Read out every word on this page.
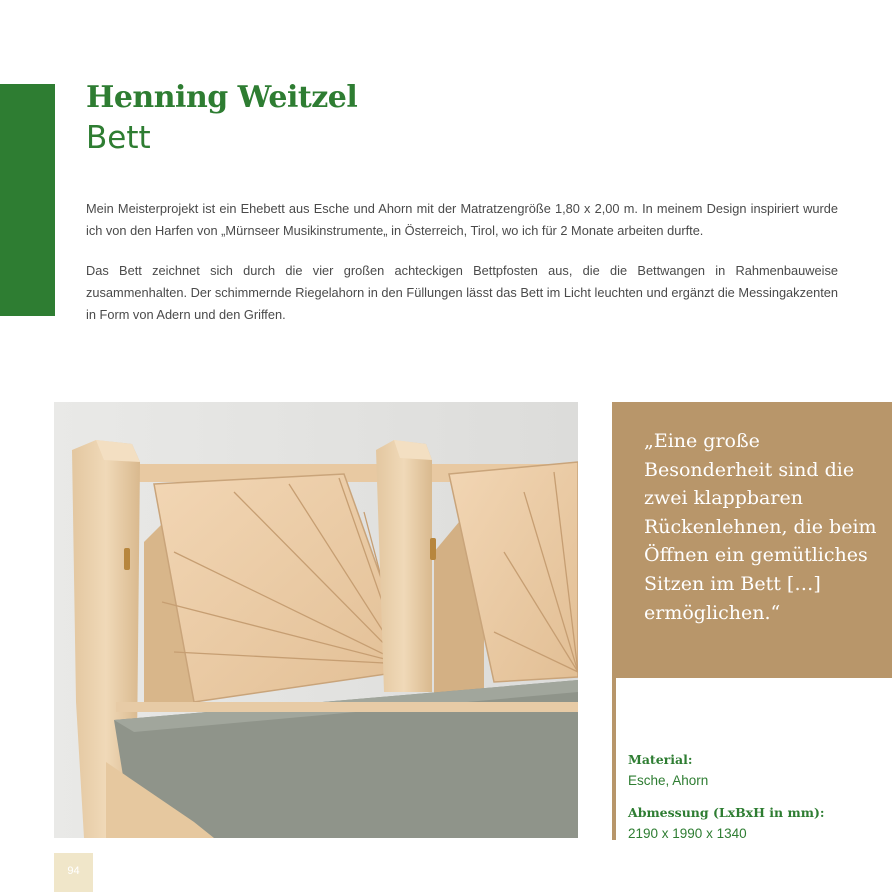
Henning Weitzel
Bett

Mein Meisterprojekt ist ein Ehebett aus Esche und Ahorn mit der Matratzengröße 1,80 x 2,00 m. In meinem Design inspiriert wurde ich von den Harfen von „Mürnseer Musikinstrumente„ in Österreich, Tirol, wo ich für 2 Monate arbeiten durfte.

Das Bett zeichnet sich durch die vier großen achteckigen Bettpfosten aus, die die Bettwangen in Rahmenbauweise zusammenhalten. Der schimmernde Riegelahorn in den Füllungen lässt das Bett im Licht leuchten und ergänzt die Messingakzenten in Form von Adern und den Griffen.

„Eine große Besonderheit sind die zwei klappbaren Rückenlehnen, die beim Öffnen ein gemütliches Sitzen im Bett […] ermöglichen.“

Material:

Esche, Ahorn

Abmessung (LxBxH in mm):

2190 x 1990 x 1340

94
